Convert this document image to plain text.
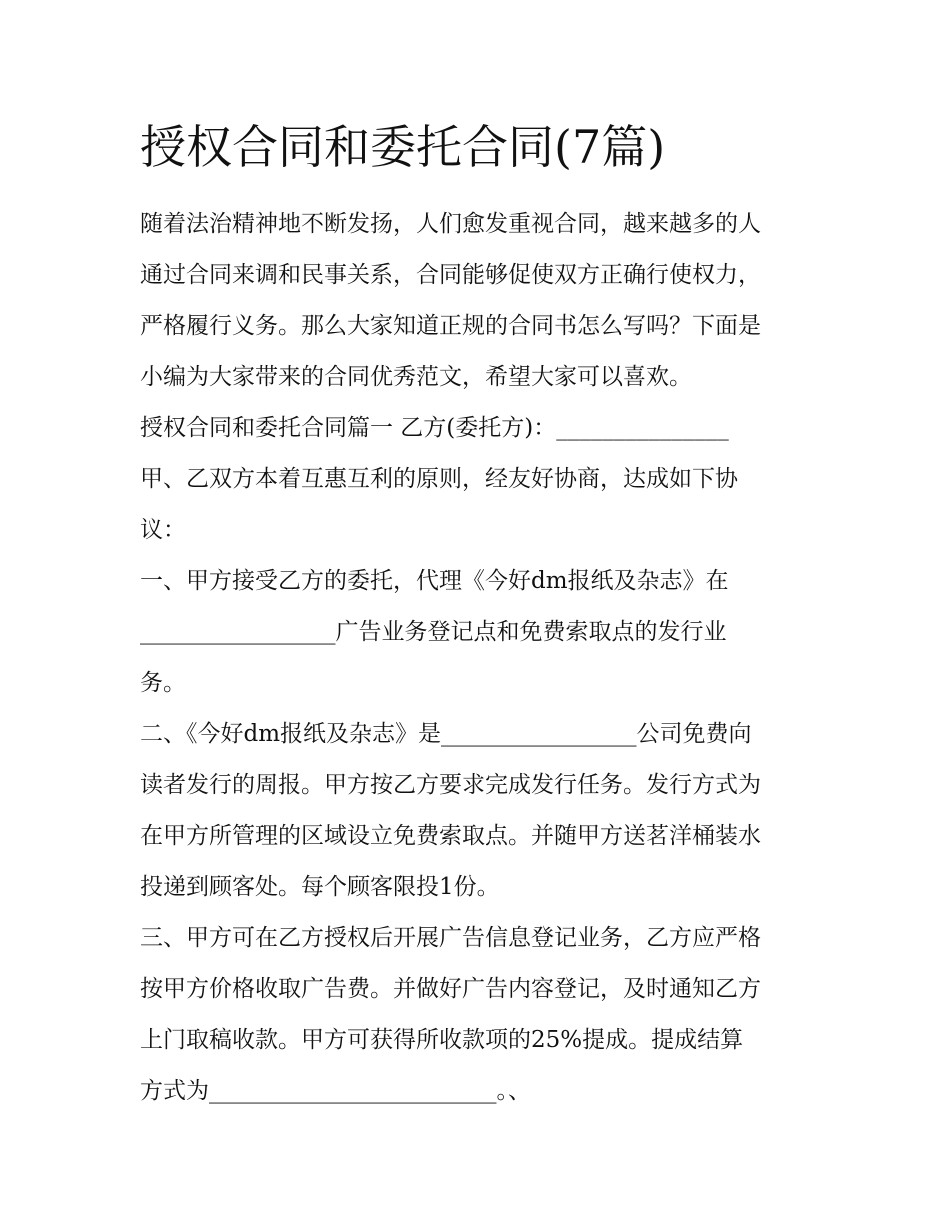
授权合同和委托合同(7篇)

随着法治精神地不断发扬，人们愈发重视合同，越来越多的人

通过合同来调和民事关系，合同能够促使双方正确行使权力，

严格履行义务。那么大家知道正规的合同书怎么写吗？下面是

小编为大家带来的合同优秀范文，希望大家可以喜欢。

授权合同和委托合同篇一 乙方(委托方)：_______________

甲、乙双方本着互惠互利的原则，经友好协商，达成如下协

议：

一、甲方接受乙方的委托，代理《今好dm报纸及杂志》在

_________________广告业务登记点和免费索取点的发行业

务。

二、《今好dm报纸及杂志》是_________________公司免费向

读者发行的周报。甲方按乙方要求完成发行任务。发行方式为

在甲方所管理的区域设立免费索取点。并随甲方送茗洋桶装水

投递到顾客处。每个顾客限投1份。

三、甲方可在乙方授权后开展广告信息登记业务，乙方应严格

按甲方价格收取广告费。并做好广告内容登记，及时通知乙方

上门取稿收款。甲方可获得所收款项的25%提成。提成结算

方式为_________________________。、
